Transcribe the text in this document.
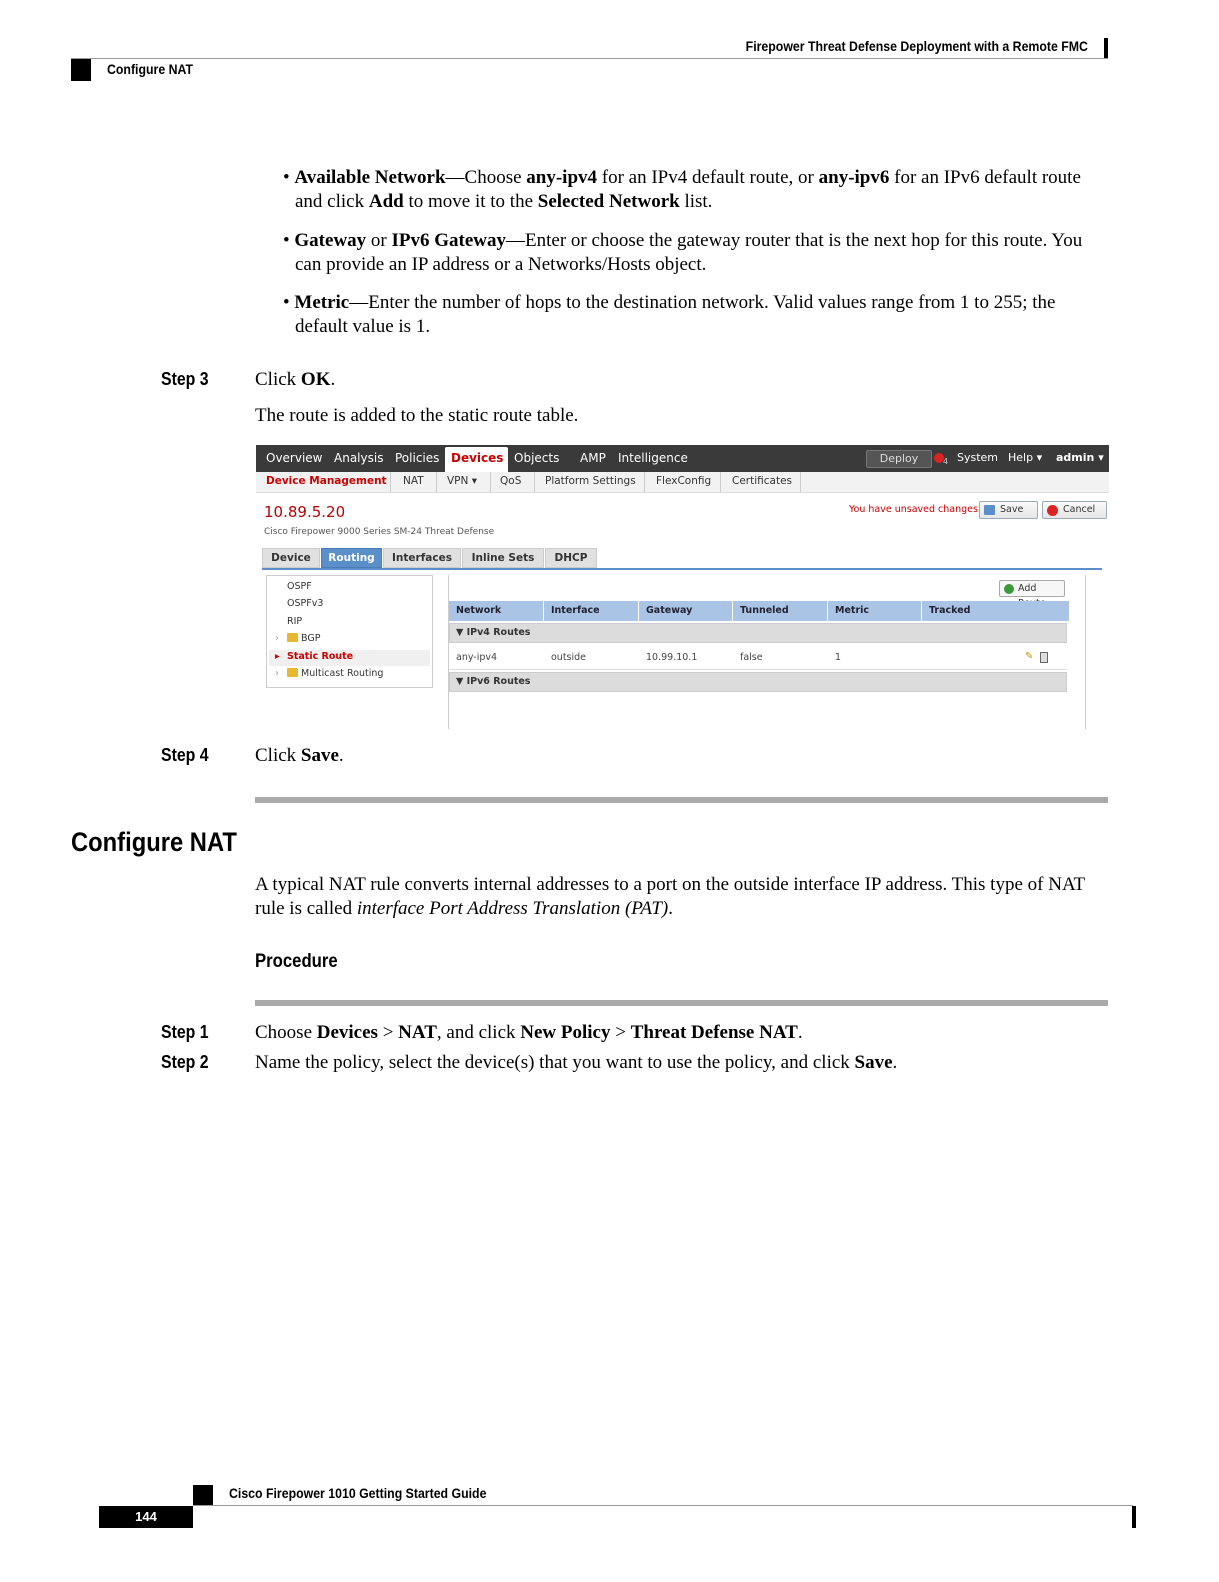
Firepower Threat Defense Deployment with a Remote FMC
Configure NAT
• Available Network—Choose any-ipv4 for an IPv4 default route, or any-ipv6 for an IPv6 default route
and click Add to move it to the Selected Network list.
• Gateway or IPv6 Gateway—Enter or choose the gateway router that is the next hop for this route. You
can provide an IP address or a Networks/Hosts object.
• Metric—Enter the number of hops to the destination network. Valid values range from 1 to 255; the
default value is 1.
Step 3 Click OK.
The route is added to the static route table.
Overview Analysis Policies Devices Objects AMP Intelligence	Deploy	4 System Help ▾ admin ▾
Device Management NAT VPN ▾ QoS Platform Settings FlexConfig Certificates
10.89.5.20
Cisco Firepower 9000 Series SM-24 Threat Defense
You have unsaved changes	Save	Cancel
Device	Routing	Interfaces	Inline Sets	DHCP
OSPF
OSPFv3
RIP
›	BGP
▸ Static Route
›	Multicast Routing
Add
Network	Interface	Gateway	Tunneled	Metric	Tracked
▼ IPv4 Routes
any-ipv4	outside	10.99.10.1	false	1	✎
▼ IPv6 Routes
Step 4 Click Save.
Configure NAT
A typical NAT rule converts internal addresses to a port on the outside interface IP address. This type of NAT
rule is called interface Port Address Translation (PAT).
Procedure
Step 1 Choose Devices > NAT, and click New Policy > Threat Defense NAT.
Step 2 Name the policy, select the device(s) that you want to use the policy, and click Save.
Cisco Firepower 1010 Getting Started Guide
144
